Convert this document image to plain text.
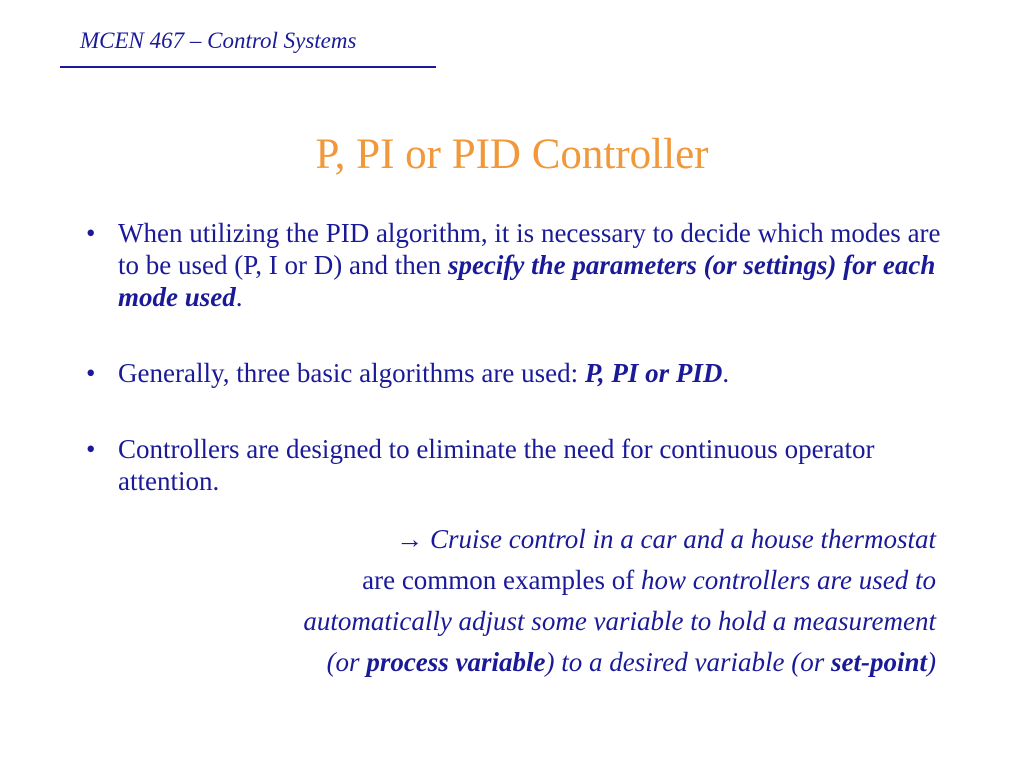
MCEN 467 – Control Systems
P, PI or PID Controller
• When utilizing the PID algorithm, it is necessary to decide which modes are to be used (P, I or D) and then specify the parameters (or settings) for each mode used.
• Generally, three basic algorithms are used: P, PI or PID.
• Controllers are designed to eliminate the need for continuous operator attention.
→ Cruise control in a car and a house thermostat
are common examples of how controllers are used to
automatically adjust some variable to hold a measurement
(or process variable) to a desired variable (or set-point)
